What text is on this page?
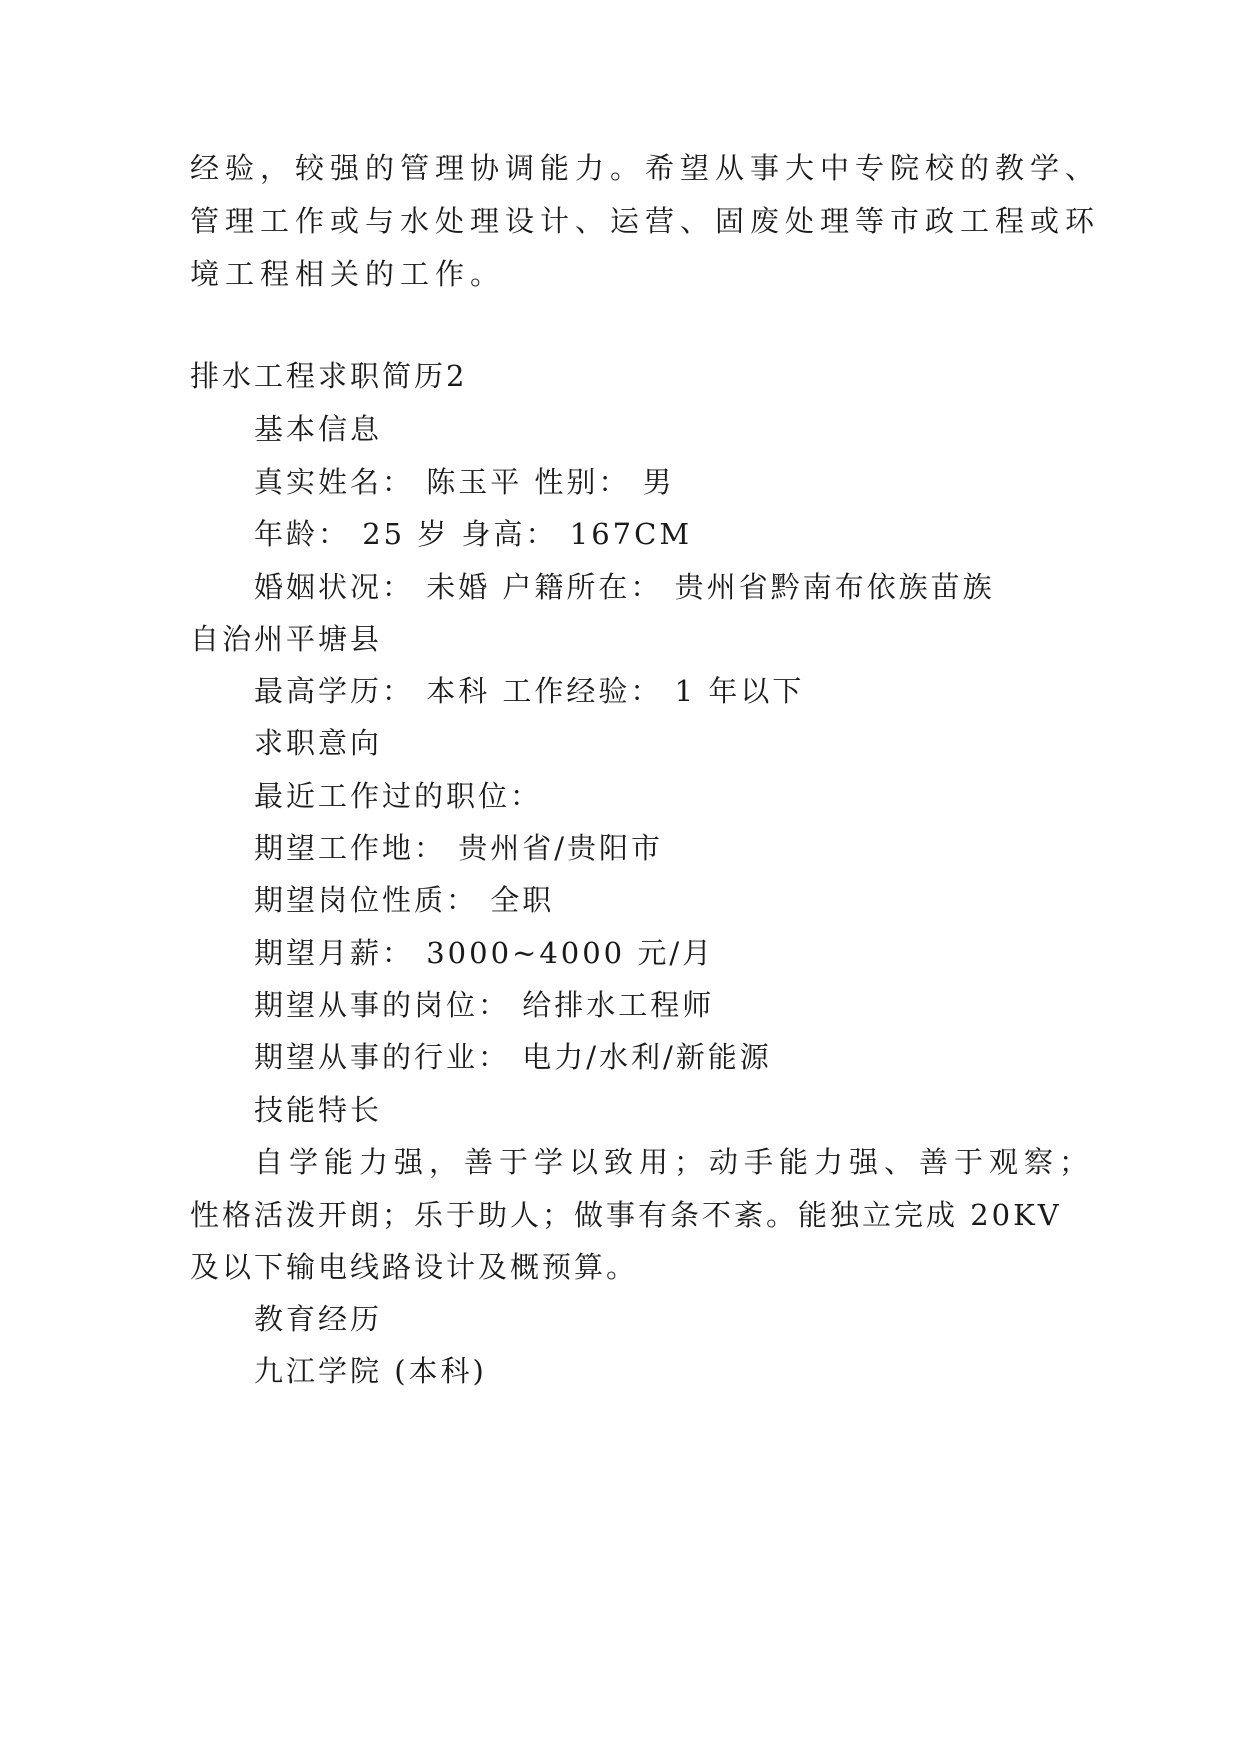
经验，较强的管理协调能力。希望从事大中专院校的教学、
管理工作或与水处理设计、运营、固废处理等市政工程或环
境工程相关的工作。
排水工程求职简历2
基本信息
真实姓名： 陈玉平 性别： 男
年龄： 25 岁 身高： 167CM
婚姻状况： 未婚 户籍所在： 贵州省黔南布依族苗族
自治州平塘县
最高学历： 本科 工作经验： 1 年以下
求职意向
最近工作过的职位：
期望工作地： 贵州省/贵阳市
期望岗位性质： 全职
期望月薪： 3000~4000 元/月
期望从事的岗位： 给排水工程师
期望从事的行业： 电力/水利/新能源
技能特长
自学能力强，善于学以致用；动手能力强、善于观察；
性格活泼开朗；乐于助人；做事有条不紊。能独立完成 20KV
及以下输电线路设计及概预算。
教育经历
九江学院 (本科)
